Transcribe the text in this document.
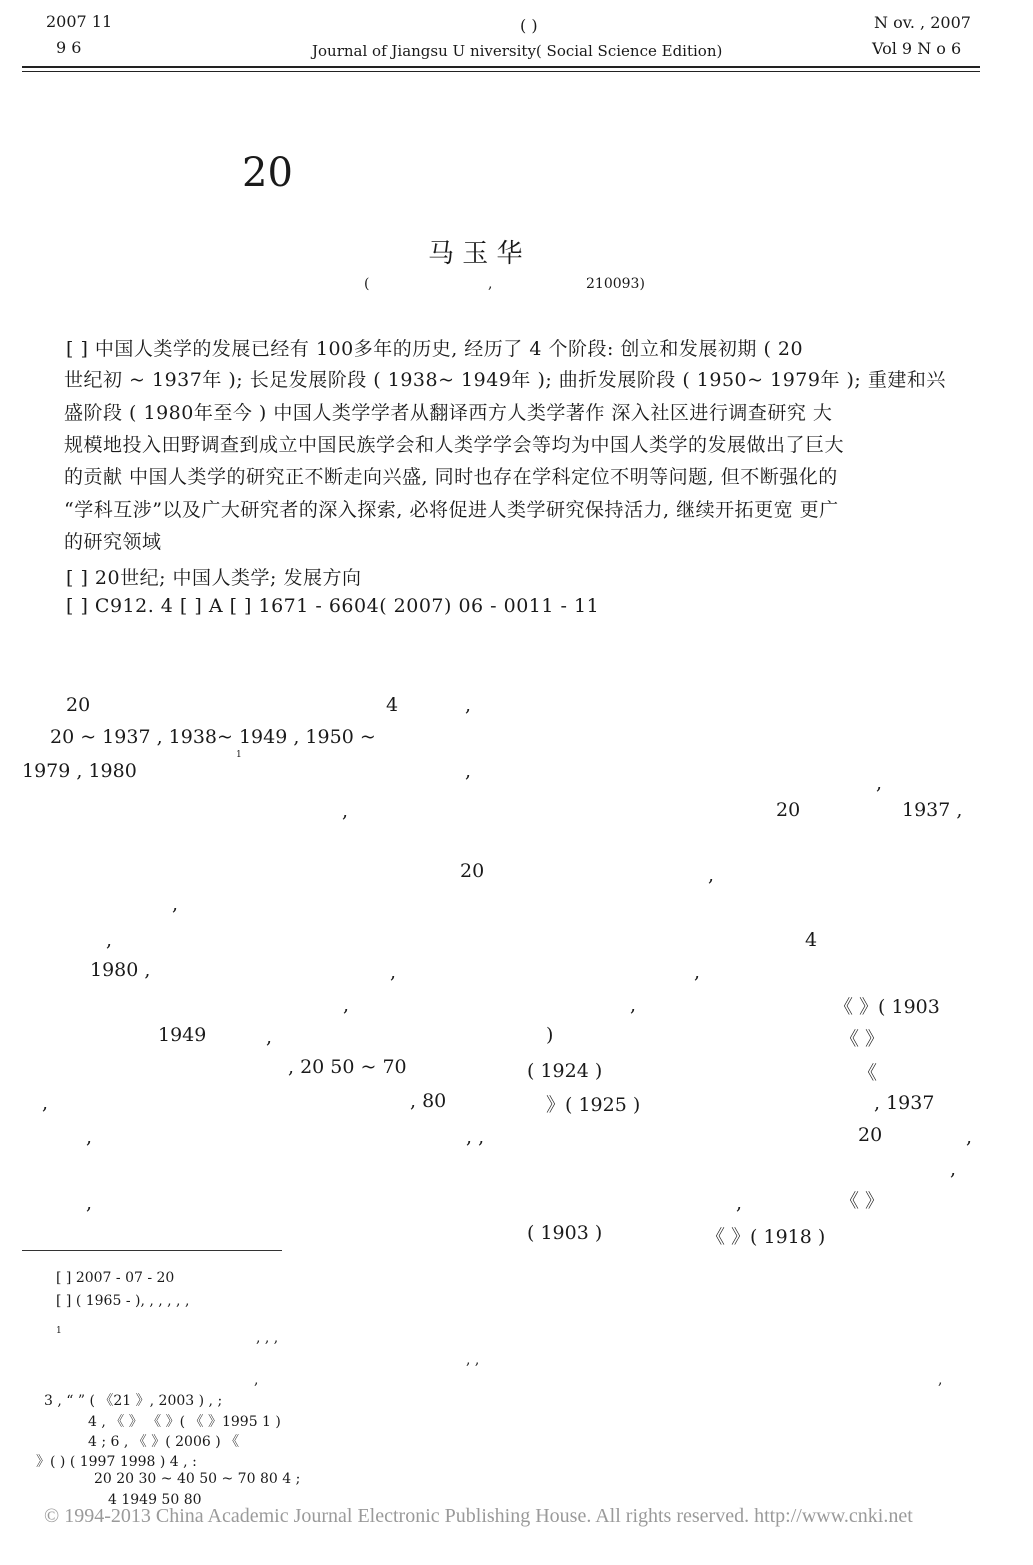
2007 11
9 6
( )
Journal of Jiangsu U niversity( Social Science Edition)
N ov. , 2007
Vol 9 N o 6
20
马 玉 华
(	,	210093)
[ ] 中国人类学的发展已经有 100多年的历史, 经历了 4 个阶段: 创立和发展初期 ( 20
世纪初 ~ 1937年 ); 长足发展阶段 ( 1938~ 1949年 ); 曲折发展阶段 ( 1950~ 1979年 ); 重建和兴
盛阶段 ( 1980年至今 ) 中国人类学学者从翻译西方人类学著作 深入社区进行调查研究 大
规模地投入田野调查到成立中国民族学会和人类学学会等均为中国人类学的发展做出了巨大
的贡献 中国人类学的研究正不断走向兴盛, 同时也存在学科定位不明等问题, 但不断强化的
“学科互涉”以及广大研究者的深入探索, 必将促进人类学研究保持活力, 继续开拓更宽 更广
的研究领域
[ ] 20世纪; 中国人类学; 发展方向
[ ] C912. 4 [ ] A [ ] 1671 - 6604( 2007) 06 - 0011 - 11
20	4	,
20 ~ 1937 , 1938~ 1949 , 1950 ~
1
1979 , 1980	,
,
,	20	1937 ,
20	,
,
,	4
1980 ,	,	,
,	,	《 》( 1903
1949	,	)	《 》
, 20 50 ~ 70	( 1924 )	《
,	, 80	》( 1925 )	, 1937
,	, ,	20	,
,
,	,	《 》
( 1903 )	《 》( 1918 )
[ ] 2007 - 07 - 20
[ ] ( 1965 - ), , , , , ,
1	, , ,
, ,
,	,
3 , “ ” ( 《21 》, 2003 ) , ;
4 , 《 》 《 》( 《 》1995 1 )
4 ; 6 , 《 》( 2006 ) 《
》( ) ( 1997 1998 ) 4 , :
20 20 30 ~ 40 50 ~ 70 80 4 ;
4 1949 50 80
© 1994-2013 China Academic Journal Electronic Publishing House. All rights reserved. http://www.cnki.net
